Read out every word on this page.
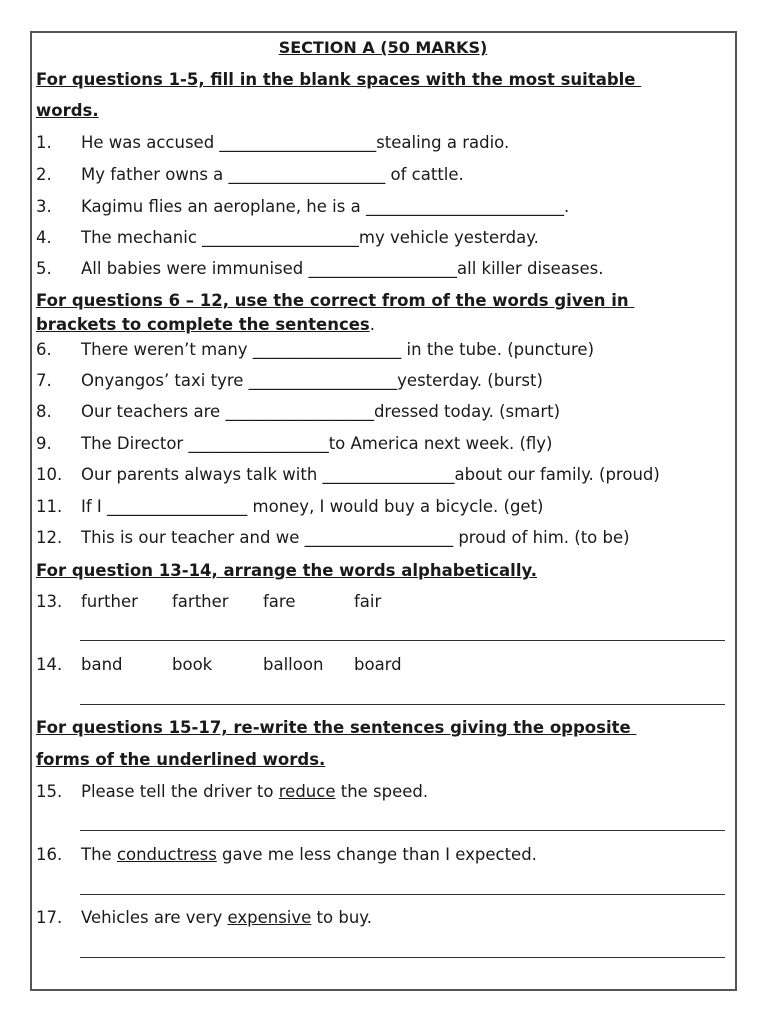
SECTION A (50 MARKS)
For questions 1-5, fill in the blank spaces with the most suitable
words.
1. He was accused ___________________stealing a radio.
2. My father owns a ___________________ of cattle.
3. Kagimu flies an aeroplane, he is a ________________________.
4. The mechanic ___________________my vehicle yesterday.
5. All babies were immunised __________________all killer diseases.
For questions 6 – 12, use the correct from of the words given in
brackets to complete the sentences.
6. There weren’t many __________________ in the tube. (puncture)
7. Onyangos’ taxi tyre __________________yesterday. (burst)
8. Our teachers are __________________dressed today. (smart)
9. The Director _________________to America next week. (fly)
10. Our parents always talk with ________________about our family. (proud)
11. If I _________________ money, I would buy a bicycle. (get)
12. This is our teacher and we __________________ proud of him. (to be)
For question 13-14, arrange the words alphabetically.
13. further farther fare	fair
14. band	book	balloon board
For questions 15-17, re-write the sentences giving the opposite
forms of the underlined words.
15. Please tell the driver to reduce the speed.
16. The conductress gave me less change than I expected.
17. Vehicles are very expensive to buy.
